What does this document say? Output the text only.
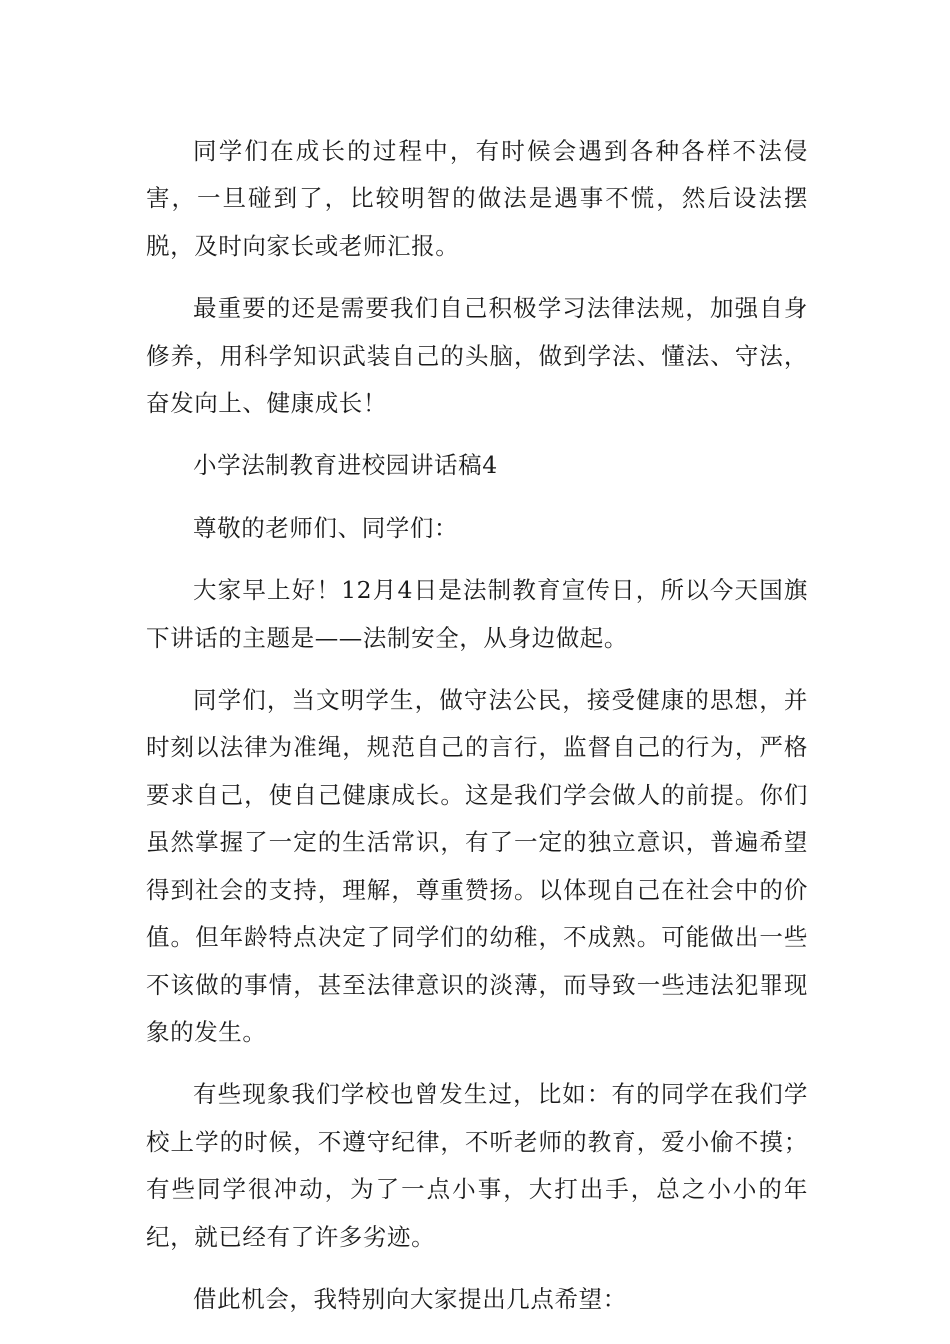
同学们在成长的过程中，有时候会遇到各种各样不法侵害，一旦碰到了，比较明智的做法是遇事不慌，然后设法摆脱，及时向家长或老师汇报。

最重要的还是需要我们自己积极学习法律法规，加强自身修养，用科学知识武装自己的头脑，做到学法、懂法、守法，奋发向上、健康成长！

小学法制教育进校园讲话稿4

尊敬的老师们、同学们：

大家早上好！12月4日是法制教育宣传日，所以今天国旗下讲话的主题是——法制安全，从身边做起。

同学们，当文明学生，做守法公民，接受健康的思想，并时刻以法律为准绳，规范自己的言行，监督自己的行为，严格要求自己，使自己健康成长。这是我们学会做人的前提。你们虽然掌握了一定的生活常识，有了一定的独立意识，普遍希望得到社会的支持，理解，尊重赞扬。以体现自己在社会中的价值。但年龄特点决定了同学们的幼稚，不成熟。可能做出一些不该做的事情，甚至法律意识的淡薄，而导致一些违法犯罪现象的发生。

有些现象我们学校也曾发生过，比如：有的同学在我们学校上学的时候，不遵守纪律，不听老师的教育，爱小偷不摸；有些同学很冲动，为了一点小事，大打出手，总之小小的年纪，就已经有了许多劣迹。

借此机会，我特别向大家提出几点希望：
